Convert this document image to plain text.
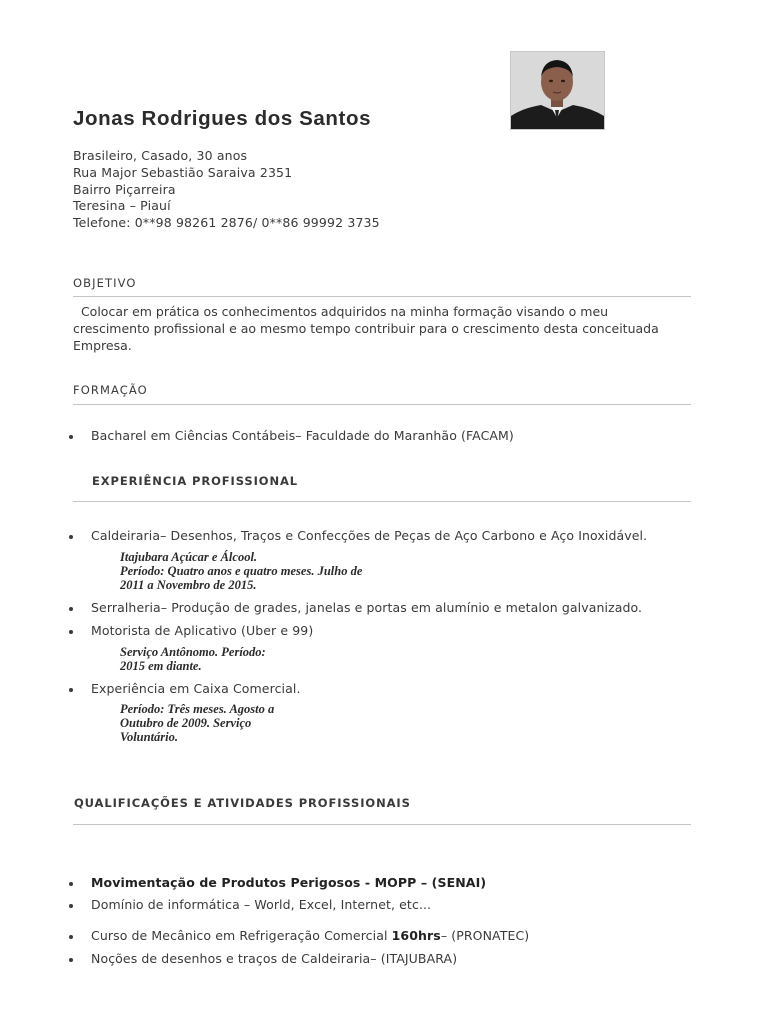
Jonas Rodrigues dos Santos
Brasileiro, Casado, 30 anos
Rua Major Sebastião Saraiva 2351
Bairro Piçarreira
Teresina – Piauí
Telefone: 0**98 98261 2876/ 0**86 99992 3735
OBJETIVO
Colocar em prática os conhecimentos adquiridos na minha formação visando o meu crescimento profissional e ao mesmo tempo contribuir para o crescimento desta conceituada Empresa.
FORMAÇÃO
Bacharel em Ciências Contábeis– Faculdade do Maranhão (FACAM)
EXPERIÊNCIA PROFISSIONAL
Caldeiraria– Desenhos, Traços e Confecções de Peças de Aço Carbono e Aço Inoxidável.
Itajubara Açúcar e Álcool.
Período: Quatro anos e quatro meses. Julho de
2011 a Novembro de 2015.
Serralheria– Produção de grades, janelas e portas em alumínio e metalon galvanizado.
Motorista de Aplicativo (Uber e 99)
Serviço Antônomo. Período:
2015 em diante.
Experiência em Caixa Comercial.
Período: Três meses. Agosto a
Outubro de 2009. Serviço
Voluntário.
QUALIFICAÇÕES E ATIVIDADES PROFISSIONAIS
Movimentação de Produtos Perigosos - MOPP – (SENAI)
Domínio de informática – World, Excel, Internet, etc...
Curso de Mecânico em Refrigeração Comercial 160hrs– (PRONATEC)
Noções de desenhos e traços de Caldeiraria– (ITAJUBARA)
